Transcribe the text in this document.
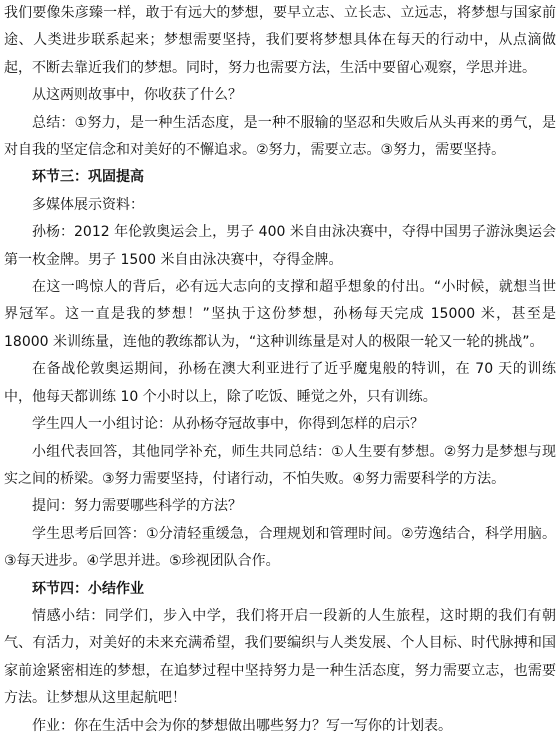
我们要像朱彦臻一样，敢于有远大的梦想，要早立志、立长志、立远志，将梦想与国家前途、人类进步联系起来；梦想需要坚持，我们要将梦想具体在每天的行动中，从点滴做起，不断去靠近我们的梦想。同时，努力也需要方法，生活中要留心观察，学思并进。

从这两则故事中，你收获了什么？

总结：①努力，是一种生活态度，是一种不服输的坚忍和失败后从头再来的勇气，是对自我的坚定信念和对美好的不懈追求。②努力，需要立志。③努力，需要坚持。

环节三：巩固提高

多媒体展示资料：

孙杨：2012 年伦敦奥运会上，男子 400 米自由泳决赛中，夺得中国男子游泳奥运会第一枚金牌。男子 1500 米自由泳决赛中，夺得金牌。

在这一鸣惊人的背后，必有远大志向的支撑和超乎想象的付出。“小时候，就想当世界冠军。这一直是我的梦想！”坚执于这份梦想，孙杨每天完成 15000 米，甚至是 18000 米训练量，连他的教练都认为，“这种训练量是对人的极限一轮又一轮的挑战”。

在备战伦敦奥运期间，孙杨在澳大利亚进行了近乎魔鬼般的特训，在 70 天的训练中，他每天都训练 10 个小时以上，除了吃饭、睡觉之外，只有训练。

学生四人一小组讨论：从孙杨夺冠故事中，你得到怎样的启示？

小组代表回答，其他同学补充，师生共同总结：①人生要有梦想。②努力是梦想与现实之间的桥梁。③努力需要坚持，付诸行动，不怕失败。④努力需要科学的方法。

提问：努力需要哪些科学的方法？

学生思考后回答：①分清轻重缓急，合理规划和管理时间。②劳逸结合，科学用脑。③每天进步。④学思并进。⑤珍视团队合作。

环节四：小结作业

情感小结：同学们，步入中学，我们将开启一段新的人生旅程，这时期的我们有朝气、有活力，对美好的未来充满希望，我们要编织与人类发展、个人目标、时代脉搏和国家前途紧密相连的梦想，在追梦过程中坚持努力是一种生活态度，努力需要立志，也需要方法。让梦想从这里起航吧！

作业：你在生活中会为你的梦想做出哪些努力？写一写你的计划表。
